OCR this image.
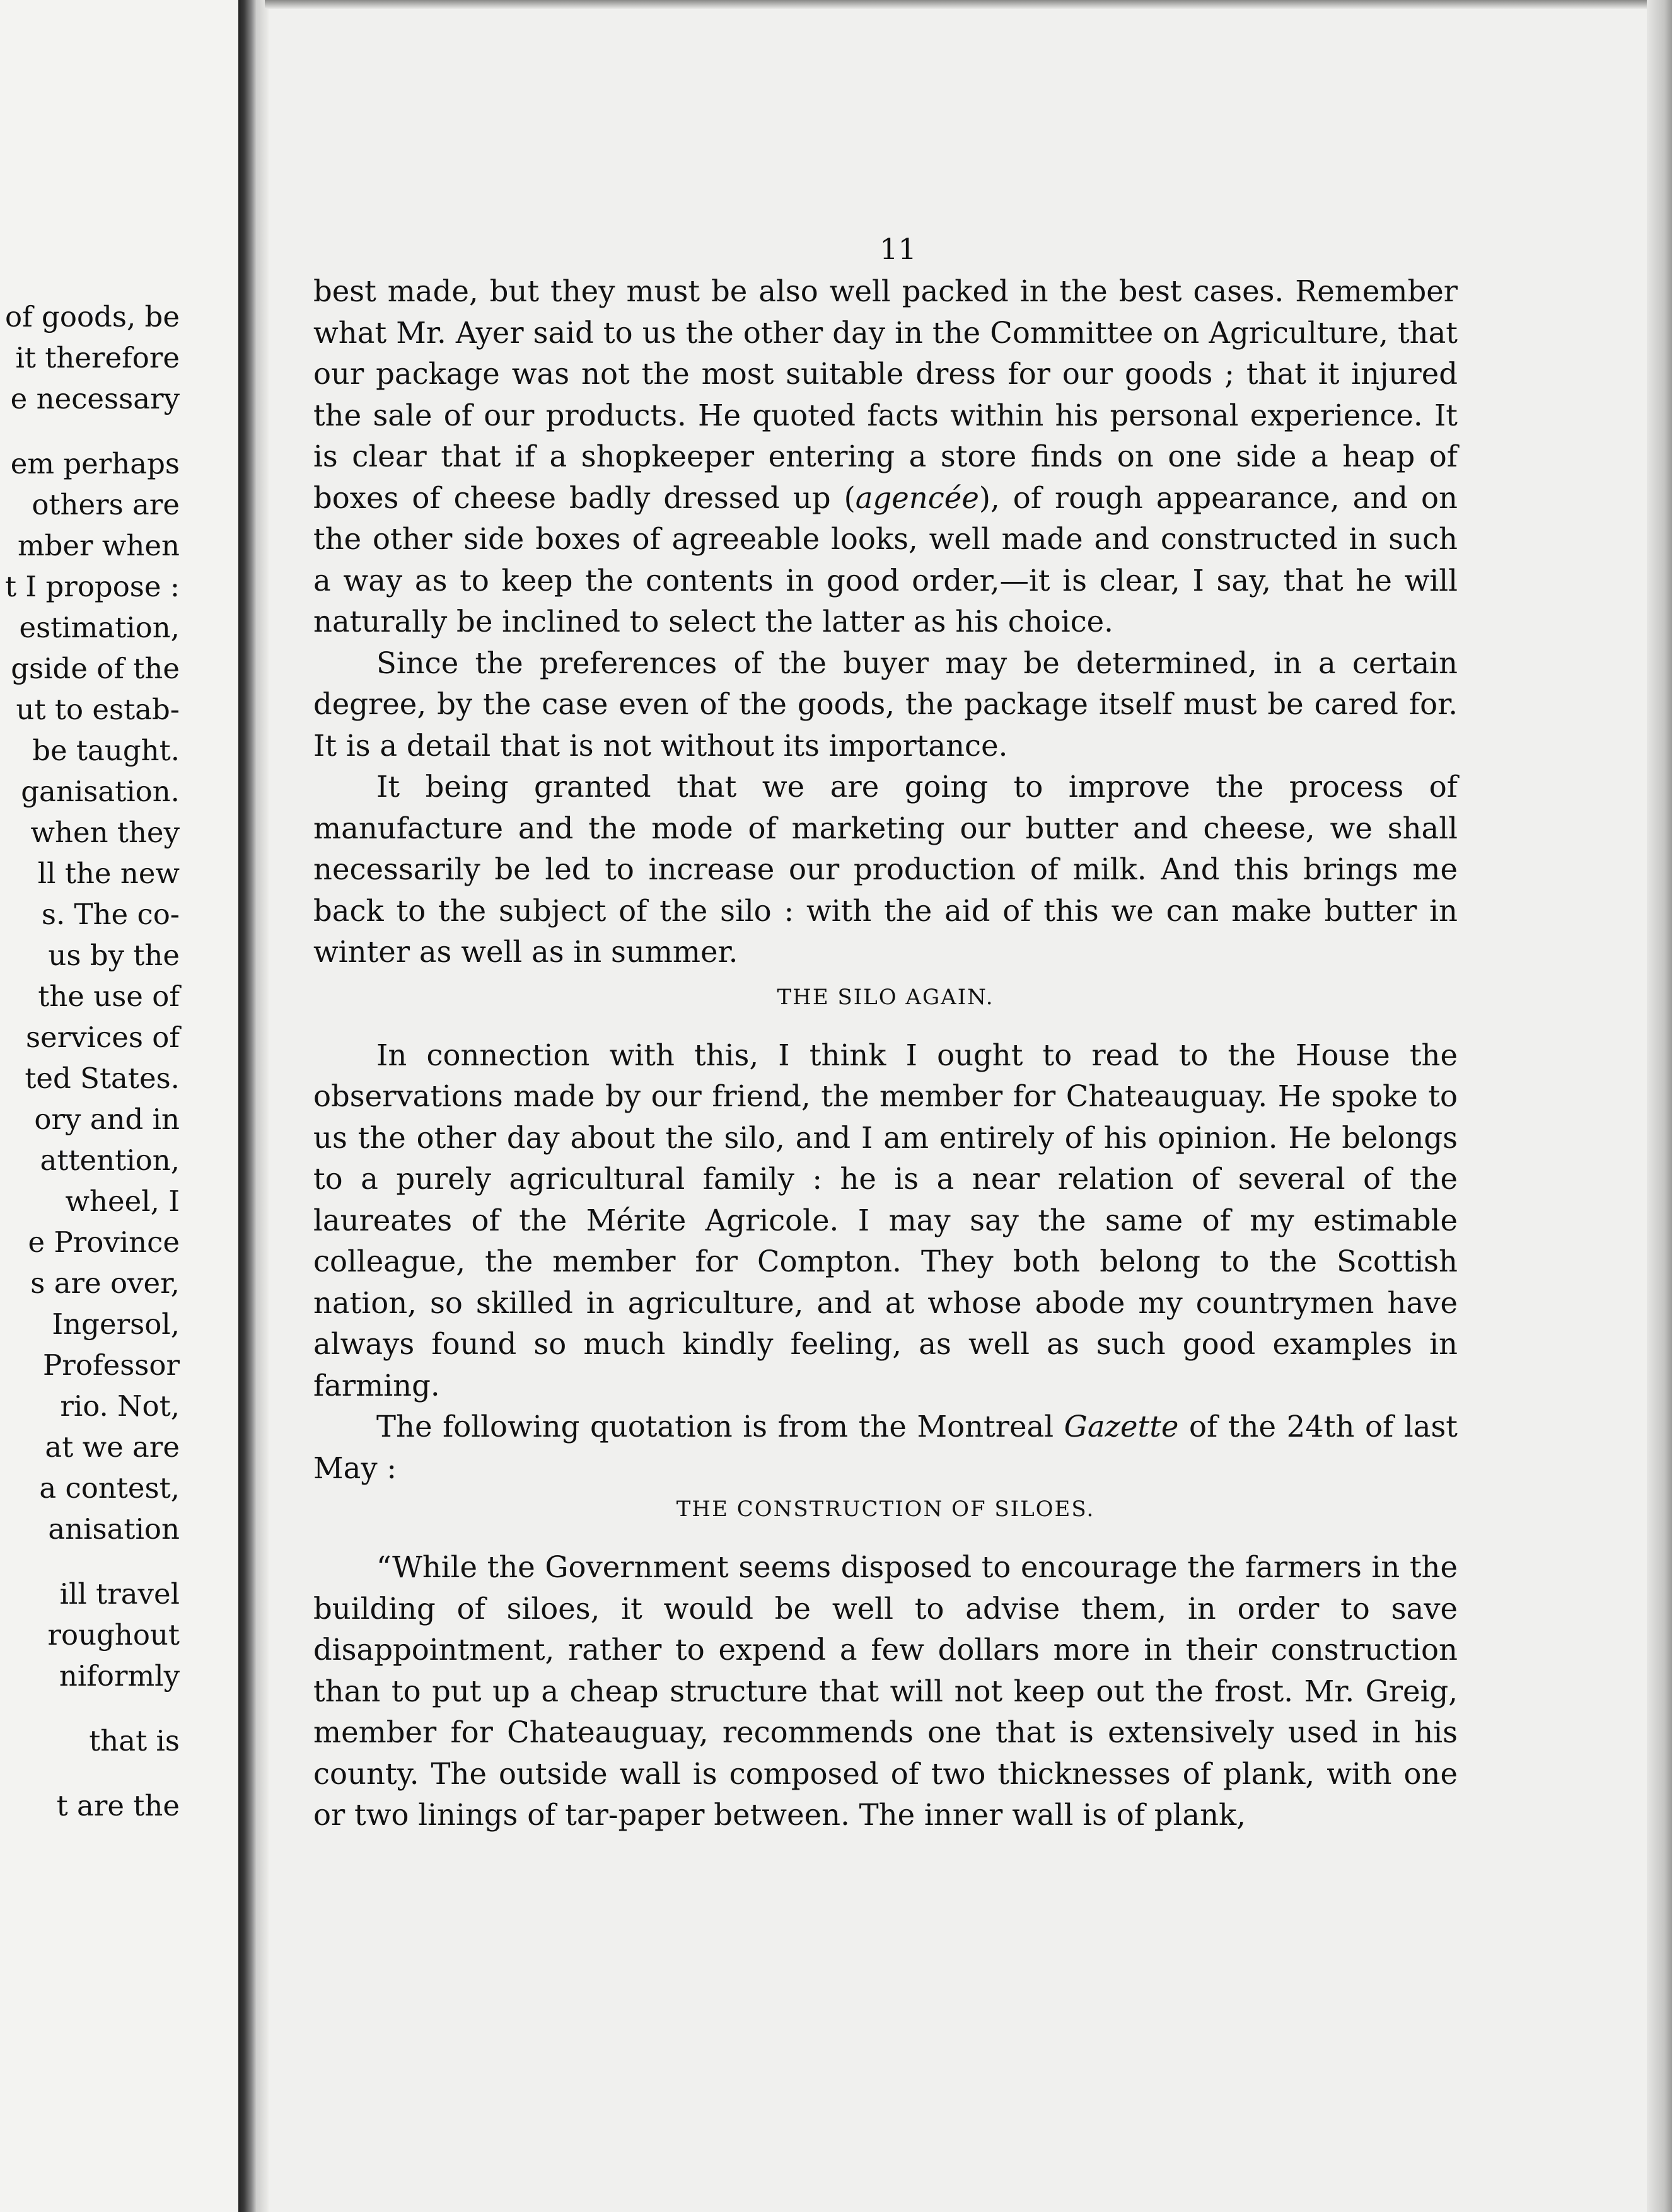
of goods, be
it therefore
e necessary
em perhaps
others are
mber when
t I propose :
estimation,
gside of the
ut to estab-
be taught.
ganisation.
when they
ll the new
s. The co-
us by the
the use of
services of
ted States.
ory and in
attention,
wheel, I
e Province
s are over,
Ingersol,
Professor
rio. Not,
at we are
a contest,
anisation
ill travel
roughout
niformly
that is
t are the
11

best made, but they must be also well packed in the best cases. Remember what Mr. Ayer said to us the other day in the Committee on Agriculture, that our package was not the most suitable dress for our goods ; that it injured the sale of our products. He quoted facts within his personal experience. It is clear that if a shopkeeper entering a store finds on one side a heap of boxes of cheese badly dressed up (agencée), of rough appearance, and on the other side boxes of agreeable looks, well made and constructed in such a way as to keep the contents in good order,—it is clear, I say, that he will naturally be inclined to select the latter as his choice.

Since the preferences of the buyer may be determined, in a certain degree, by the case even of the goods, the package itself must be cared for. It is a detail that is not without its importance.

It being granted that we are going to improve the process of manufacture and the mode of marketing our butter and cheese, we shall necessarily be led to increase our production of milk. And this brings me back to the subject of the silo : with the aid of this we can make butter in winter as well as in summer.

THE SILO AGAIN.

In connection with this, I think I ought to read to the House the observations made by our friend, the member for Chateauguay. He spoke to us the other day about the silo, and I am entirely of his opinion. He belongs to a purely agricultural family : he is a near relation of several of the laureates of the Mérite Agricole. I may say the same of my estimable colleague, the member for Compton. They both belong to the Scottish nation, so skilled in agriculture, and at whose abode my countrymen have always found so much kindly feeling, as well as such good examples in farming.

The following quotation is from the Montreal Gazette of the 24th of last May :

THE CONSTRUCTION OF SILOES.

“While the Government seems disposed to encourage the farmers in the building of siloes, it would be well to advise them, in order to save disappointment, rather to expend a few dollars more in their construction than to put up a cheap structure that will not keep out the frost. Mr. Greig, member for Chateauguay, recommends one that is extensively used in his county. The outside wall is composed of two thicknesses of plank, with one or two linings of tar-paper between. The inner wall is of plank,
